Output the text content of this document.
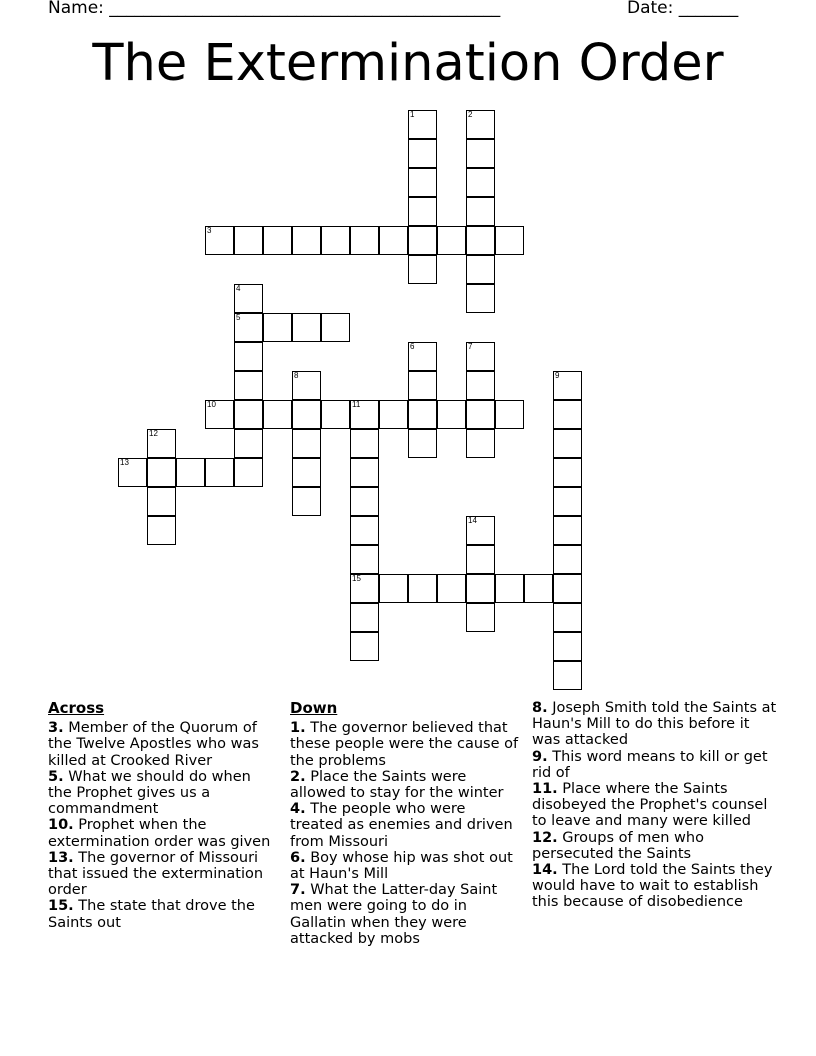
Name: ______________________________________________	Date: _______
The Extermination Order
1	2
3
4
5
6	7
8	9
10	11
15
12
13
14
Across

3. Member of the Quorum of the Twelve Apostles who was killed at Crooked River

5. What we should do when the Prophet gives us a commandment

10. Prophet when the extermination order was given

13. The governor of Missouri that issued the extermination order

15. The state that drove the Saints out

Down

1. The governor believed that these people were the cause of the problems

2. Place the Saints were allowed to stay for the winter

4. The people who were treated as enemies and driven from Missouri

6. Boy whose hip was shot out at Haun's Mill

7. What the Latter-day Saint men were going to do in Gallatin when they were attacked by mobs

8. Joseph Smith told the Saints at Haun's Mill to do this before it was attacked

9. This word means to kill or get rid of

11. Place where the Saints disobeyed the Prophet's counsel to leave and many were killed

12. Groups of men who persecuted the Saints

14. The Lord told the Saints they would have to wait to establish this because of disobedience
